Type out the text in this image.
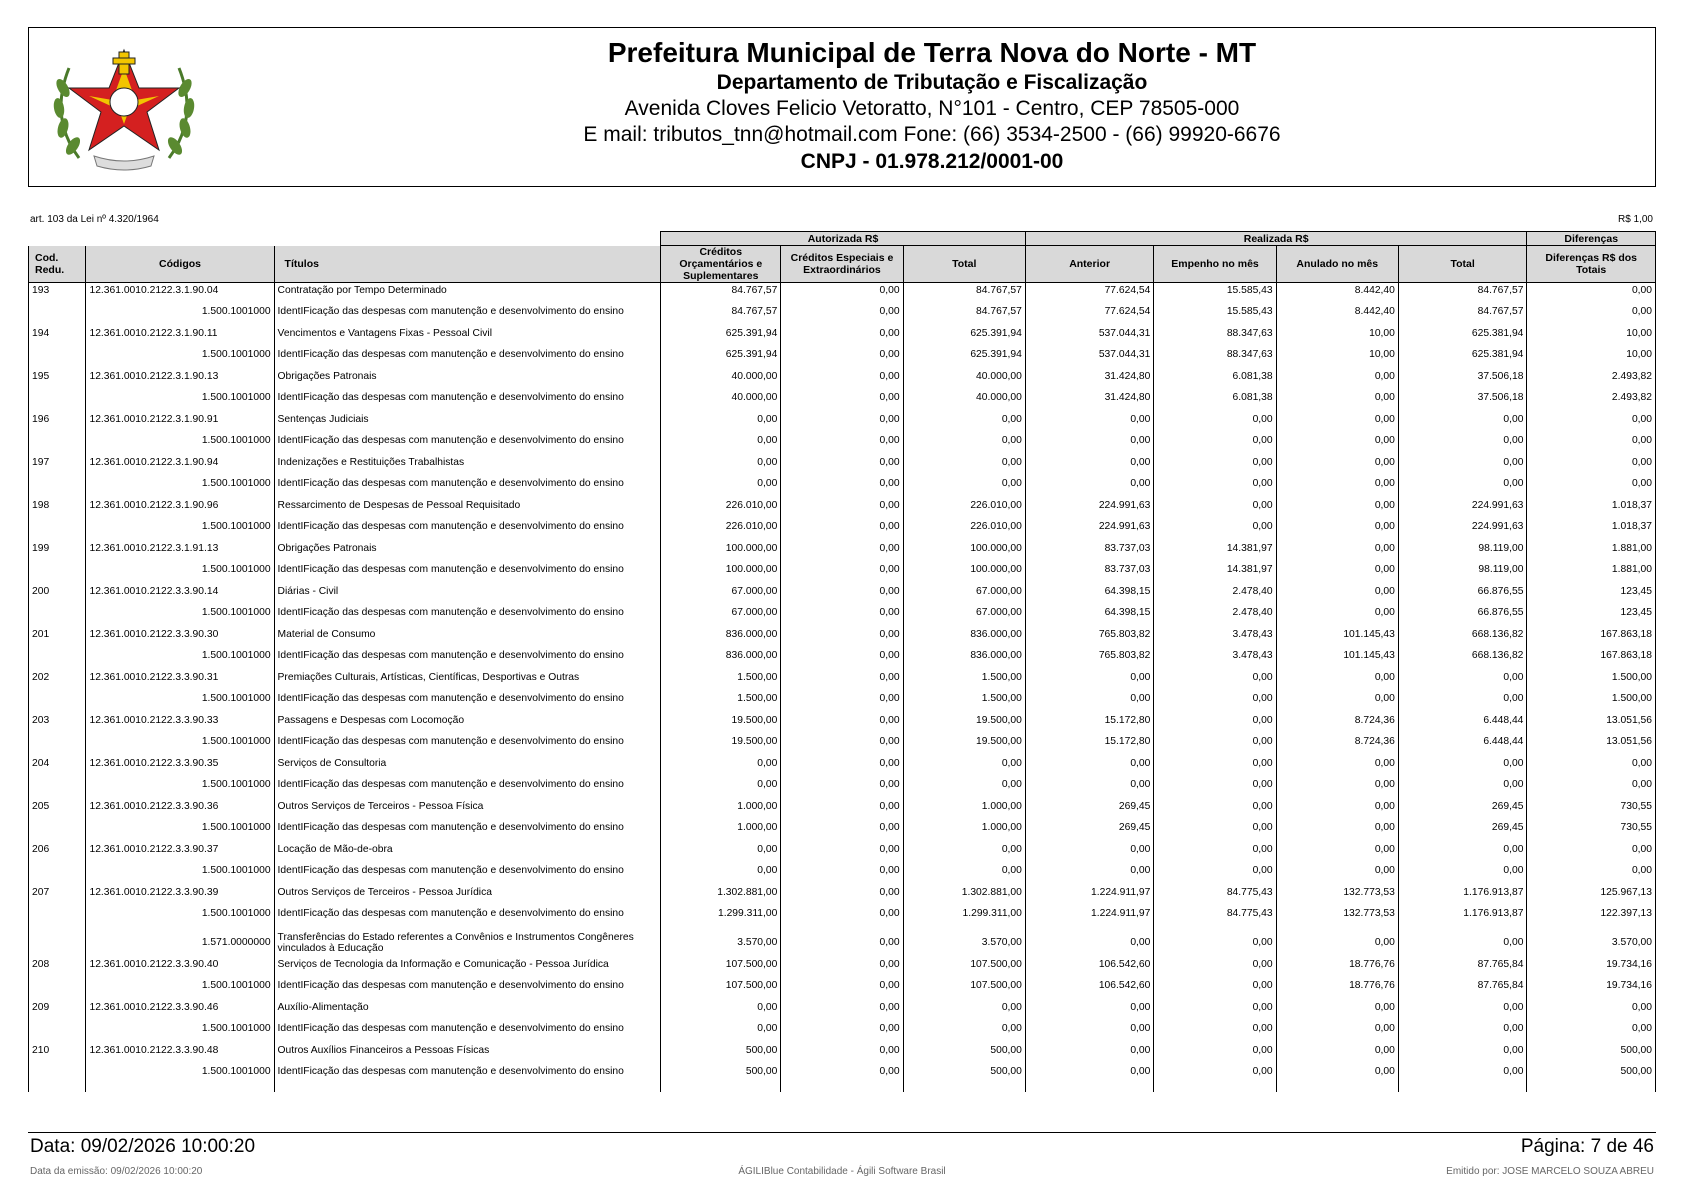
Prefeitura Municipal de Terra Nova do Norte - MT
Departamento de Tributação e Fiscalização
Avenida Cloves Felicio Vetoratto, N°101 - Centro, CEP 78505-000
E mail: tributos_tnn@hotmail.com Fone: (66) 3534-2500 - (66) 99920-6676
CNPJ - 01.978.212/0001-00
art. 103 da Lei nº 4.320/1964	R$ 1,00
			Autorizada R$			Realizada R$				Diferenças
Cod. Redu.	Códigos	Títulos	Créditos Orçamentários e Suplementares	Créditos Especiais e Extraordinários	Total	Anterior	Empenho no mês	Anulado no mês	Total	Diferenças R$ dos Totais
193	12.361.0010.2122.3.1.90.04	Contratação por Tempo Determinado	84.767,57	0,00	84.767,57	77.624,54	15.585,43	8.442,40	84.767,57	0,00
	1.500.1001000	IdentIFicação das despesas com manutenção e desenvolvimento do ensino	84.767,57	0,00	84.767,57	77.624,54	15.585,43	8.442,40	84.767,57	0,00
194	12.361.0010.2122.3.1.90.11	Vencimentos e Vantagens Fixas - Pessoal Civil	625.391,94	0,00	625.391,94	537.044,31	88.347,63	10,00	625.381,94	10,00
	1.500.1001000	IdentIFicação das despesas com manutenção e desenvolvimento do ensino	625.391,94	0,00	625.391,94	537.044,31	88.347,63	10,00	625.381,94	10,00
195	12.361.0010.2122.3.1.90.13	Obrigações Patronais	40.000,00	0,00	40.000,00	31.424,80	6.081,38	0,00	37.506,18	2.493,82
	1.500.1001000	IdentIFicação das despesas com manutenção e desenvolvimento do ensino	40.000,00	0,00	40.000,00	31.424,80	6.081,38	0,00	37.506,18	2.493,82
196	12.361.0010.2122.3.1.90.91	Sentenças Judiciais	0,00	0,00	0,00	0,00	0,00	0,00	0,00	0,00
	1.500.1001000	IdentIFicação das despesas com manutenção e desenvolvimento do ensino	0,00	0,00	0,00	0,00	0,00	0,00	0,00	0,00
197	12.361.0010.2122.3.1.90.94	Indenizações e Restituições Trabalhistas	0,00	0,00	0,00	0,00	0,00	0,00	0,00	0,00
	1.500.1001000	IdentIFicação das despesas com manutenção e desenvolvimento do ensino	0,00	0,00	0,00	0,00	0,00	0,00	0,00	0,00
198	12.361.0010.2122.3.1.90.96	Ressarcimento de Despesas de Pessoal Requisitado	226.010,00	0,00	226.010,00	224.991,63	0,00	0,00	224.991,63	1.018,37
	1.500.1001000	IdentIFicação das despesas com manutenção e desenvolvimento do ensino	226.010,00	0,00	226.010,00	224.991,63	0,00	0,00	224.991,63	1.018,37
199	12.361.0010.2122.3.1.91.13	Obrigações Patronais	100.000,00	0,00	100.000,00	83.737,03	14.381,97	0,00	98.119,00	1.881,00
	1.500.1001000	IdentIFicação das despesas com manutenção e desenvolvimento do ensino	100.000,00	0,00	100.000,00	83.737,03	14.381,97	0,00	98.119,00	1.881,00
200	12.361.0010.2122.3.3.90.14	Diárias - Civil	67.000,00	0,00	67.000,00	64.398,15	2.478,40	0,00	66.876,55	123,45
	1.500.1001000	IdentIFicação das despesas com manutenção e desenvolvimento do ensino	67.000,00	0,00	67.000,00	64.398,15	2.478,40	0,00	66.876,55	123,45
201	12.361.0010.2122.3.3.90.30	Material de Consumo	836.000,00	0,00	836.000,00	765.803,82	3.478,43	101.145,43	668.136,82	167.863,18
	1.500.1001000	IdentIFicação das despesas com manutenção e desenvolvimento do ensino	836.000,00	0,00	836.000,00	765.803,82	3.478,43	101.145,43	668.136,82	167.863,18
202	12.361.0010.2122.3.3.90.31	Premiações Culturais, Artísticas, Científicas, Desportivas e Outras	1.500,00	0,00	1.500,00	0,00	0,00	0,00	0,00	1.500,00
	1.500.1001000	IdentIFicação das despesas com manutenção e desenvolvimento do ensino	1.500,00	0,00	1.500,00	0,00	0,00	0,00	0,00	1.500,00
203	12.361.0010.2122.3.3.90.33	Passagens e Despesas com Locomoção	19.500,00	0,00	19.500,00	15.172,80	0,00	8.724,36	6.448,44	13.051,56
	1.500.1001000	IdentIFicação das despesas com manutenção e desenvolvimento do ensino	19.500,00	0,00	19.500,00	15.172,80	0,00	8.724,36	6.448,44	13.051,56
204	12.361.0010.2122.3.3.90.35	Serviços de Consultoria	0,00	0,00	0,00	0,00	0,00	0,00	0,00	0,00
	1.500.1001000	IdentIFicação das despesas com manutenção e desenvolvimento do ensino	0,00	0,00	0,00	0,00	0,00	0,00	0,00	0,00
205	12.361.0010.2122.3.3.90.36	Outros Serviços de Terceiros - Pessoa Física	1.000,00	0,00	1.000,00	269,45	0,00	0,00	269,45	730,55
	1.500.1001000	IdentIFicação das despesas com manutenção e desenvolvimento do ensino	1.000,00	0,00	1.000,00	269,45	0,00	0,00	269,45	730,55
206	12.361.0010.2122.3.3.90.37	Locação de Mão-de-obra	0,00	0,00	0,00	0,00	0,00	0,00	0,00	0,00
	1.500.1001000	IdentIFicação das despesas com manutenção e desenvolvimento do ensino	0,00	0,00	0,00	0,00	0,00	0,00	0,00	0,00
207	12.361.0010.2122.3.3.90.39	Outros Serviços de Terceiros - Pessoa Jurídica	1.302.881,00	0,00	1.302.881,00	1.224.911,97	84.775,43	132.773,53	1.176.913,87	125.967,13
	1.500.1001000	IdentIFicação das despesas com manutenção e desenvolvimento do ensino	1.299.311,00	0,00	1.299.311,00	1.224.911,97	84.775,43	132.773,53	1.176.913,87	122.397,13
	1.571.0000000	Transferências do Estado referentes a Convênios e Instrumentos Congêneres vinculados à Educação	3.570,00	0,00	3.570,00	0,00	0,00	0,00	0,00	3.570,00
208	12.361.0010.2122.3.3.90.40	Serviços de Tecnologia da Informação e Comunicação - Pessoa Jurídica	107.500,00	0,00	107.500,00	106.542,60	0,00	18.776,76	87.765,84	19.734,16
	1.500.1001000	IdentIFicação das despesas com manutenção e desenvolvimento do ensino	107.500,00	0,00	107.500,00	106.542,60	0,00	18.776,76	87.765,84	19.734,16
209	12.361.0010.2122.3.3.90.46	Auxílio-Alimentação	0,00	0,00	0,00	0,00	0,00	0,00	0,00	0,00
	1.500.1001000	IdentIFicação das despesas com manutenção e desenvolvimento do ensino	0,00	0,00	0,00	0,00	0,00	0,00	0,00	0,00
210	12.361.0010.2122.3.3.90.48	Outros Auxílios Financeiros a Pessoas Físicas	500,00	0,00	500,00	0,00	0,00	0,00	0,00	500,00
	1.500.1001000	IdentIFicação das despesas com manutenção e desenvolvimento do ensino	500,00	0,00	500,00	0,00	0,00	0,00	0,00	500,00

Data: 09/02/2026 10:00:20	Página: 7 de 46
Data da emissão: 09/02/2026 10:00:20	ÁGILIBlue Contabilidade - Ágili Software Brasil	Emitido por: JOSE MARCELO SOUZA ABREU
